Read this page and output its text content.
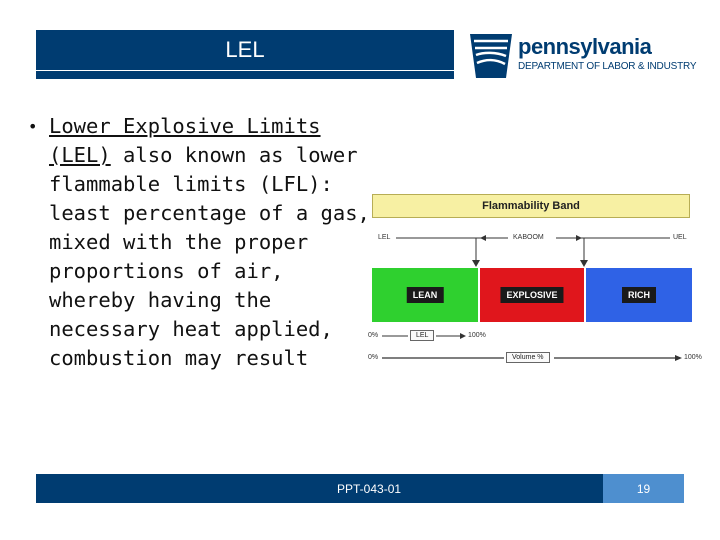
LEL	pennsylvania
DEPARTMENT OF LABOR & INDUSTRY
• Lower Explosive Limits (LEL) also known as lower flammable limits (LFL): least percentage of a gas, mixed with the proper proportions of air, whereby having the necessary heat applied, combustion may result
Flammability Band
LEL	KABOOM	UEL
LEAN	EXPLOSIVE	RICH
0%	LEL	100%
0%	Volume %	100%
PPT-043-01	19
